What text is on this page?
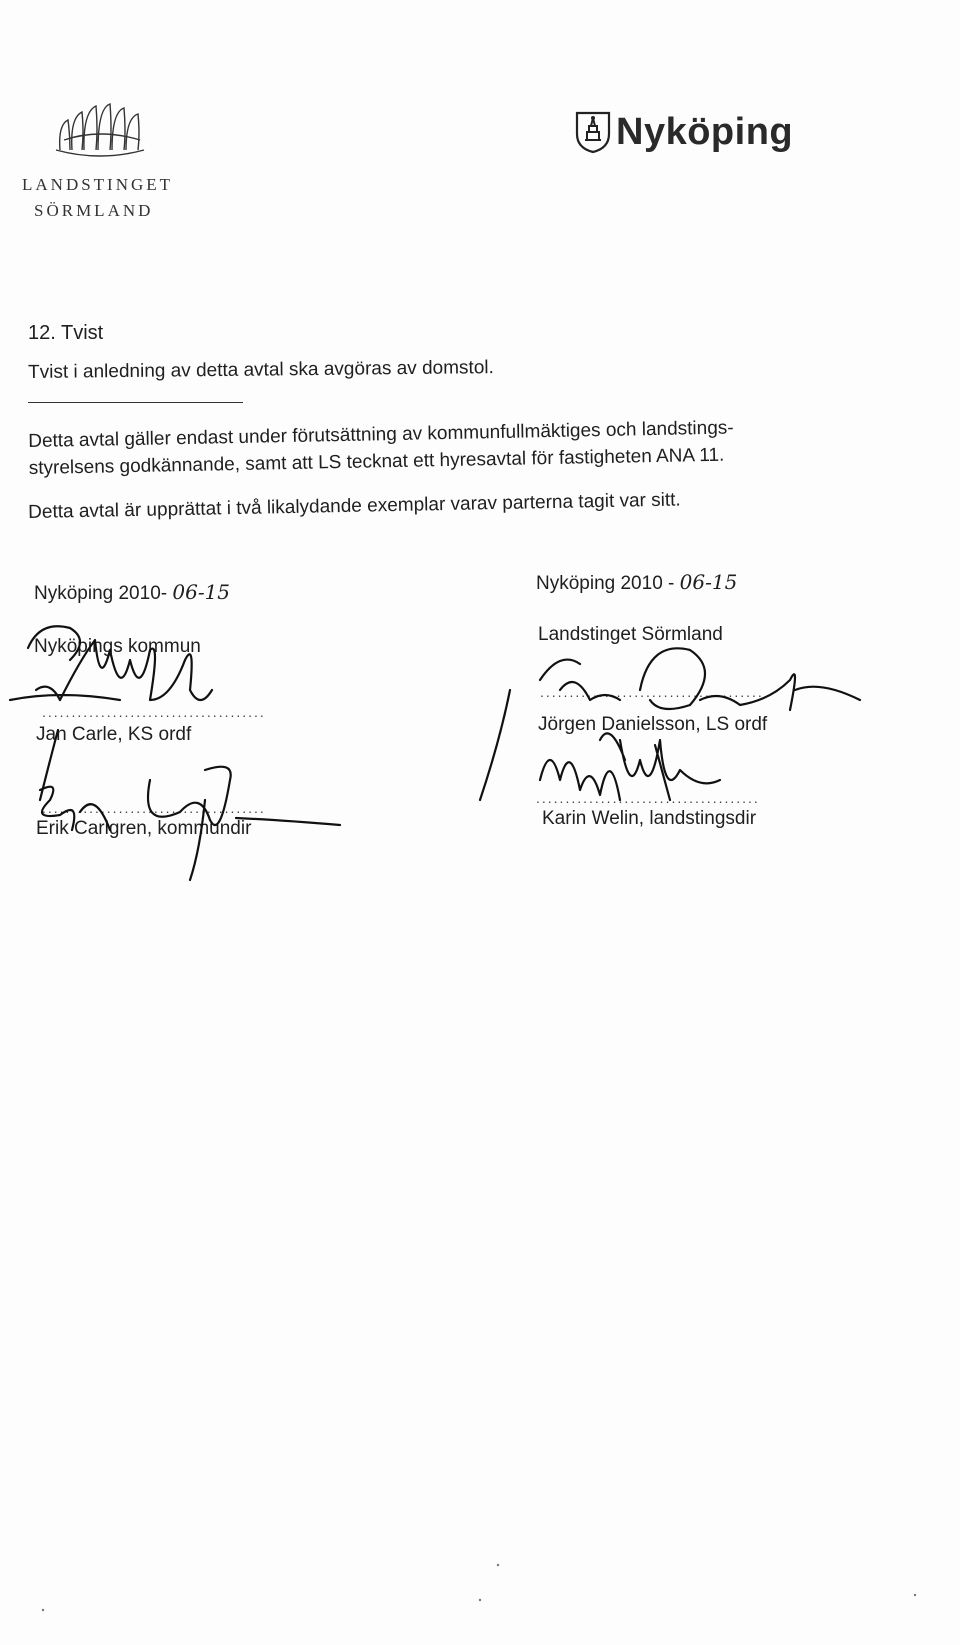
LANDSTINGET
SÖRMLAND
Nyköping
12. Tvist
Tvist i anledning av detta avtal ska avgöras av domstol.
Detta avtal gäller endast under förutsättning av kommunfullmäktiges och landstings-styrelsens godkännande, samt att LS tecknat ett hyresavtal för fastigheten ANA 11.
Detta avtal är upprättat i två likalydande exemplar varav parterna tagit var sitt.
Nyköping 2010- 06-15
Nyköpings kommun
......................................
Jan Carle, KS ordf
......................................
Erik Carlgren, kommundir
Nyköping 2010 - 06-15
Landstinget Sörmland
......................................
Jörgen Danielsson, LS ordf
......................................
Karin Welin, landstingsdir
